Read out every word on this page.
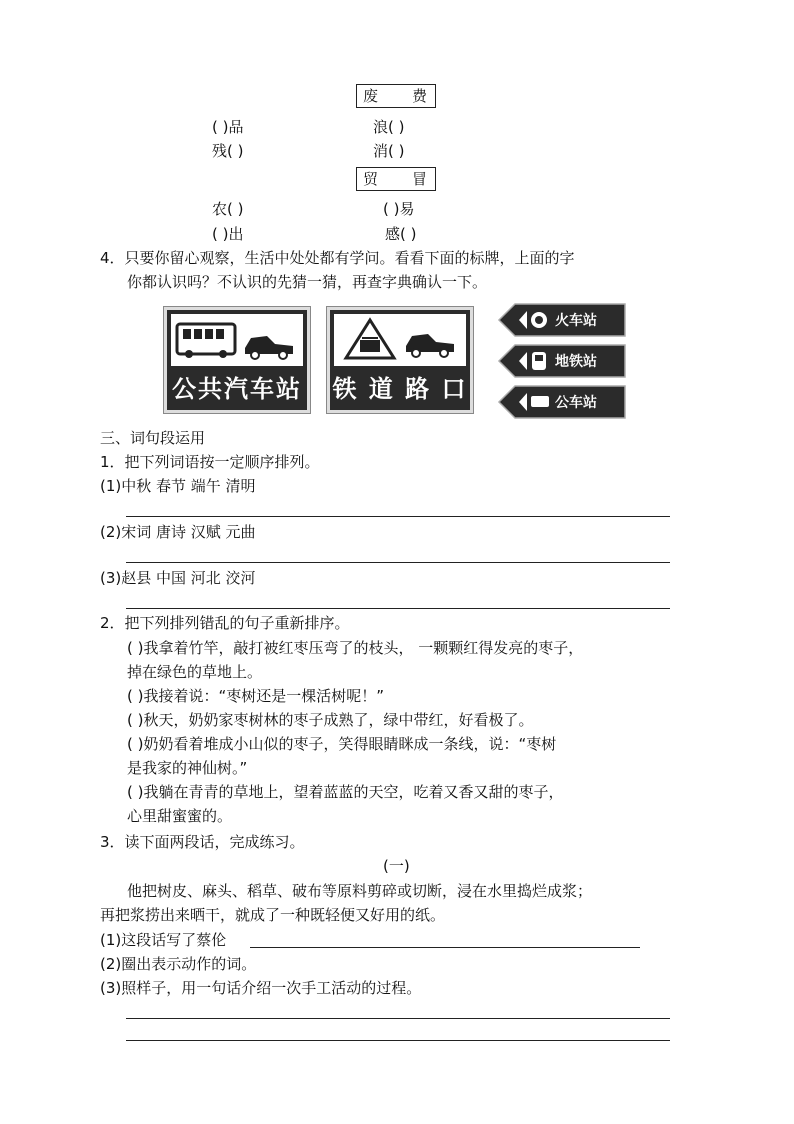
废 费
( )品	浪( )
残( )	消( )
贸 冒
农( )	( )易
( )出	感( )
4．只要你留心观察，生活中处处都有学问。看看下面的标牌，上面的字
你都认识吗？不认识的先猜一猜，再查字典确认一下。
公共汽车站 铁 道 路 口
火车站
地铁站
公车站
三、词句段运用
1．把下列词语按一定顺序排列。
(1)中秋 春节 端午 清明
(2)宋词 唐诗 汉赋 元曲
(3)赵县 中国 河北 洨河
2．把下列排列错乱的句子重新排序。
( )我拿着竹竿，敲打被红枣压弯了的枝头， 一颗颗红得发亮的枣子，
掉在绿色的草地上。
( )我接着说：“枣树还是一棵活树呢！”
( )秋天，奶奶家枣树林的枣子成熟了，绿中带红，好看极了。
( )奶奶看着堆成小山似的枣子，笑得眼睛眯成一条线，说：“枣树
是我家的神仙树。”
( )我躺在青青的草地上，望着蓝蓝的天空，吃着又香又甜的枣子，
心里甜蜜蜜的。
3．读下面两段话，完成练习。
(一)
他把树皮、麻头、稻草、破布等原料剪碎或切断，浸在水里捣烂成浆；
再把浆捞出来晒干，就成了一种既轻便又好用的纸。
(1)这段话写了蔡伦
(2)圈出表示动作的词。
(3)照样子，用一句话介绍一次手工活动的过程。
